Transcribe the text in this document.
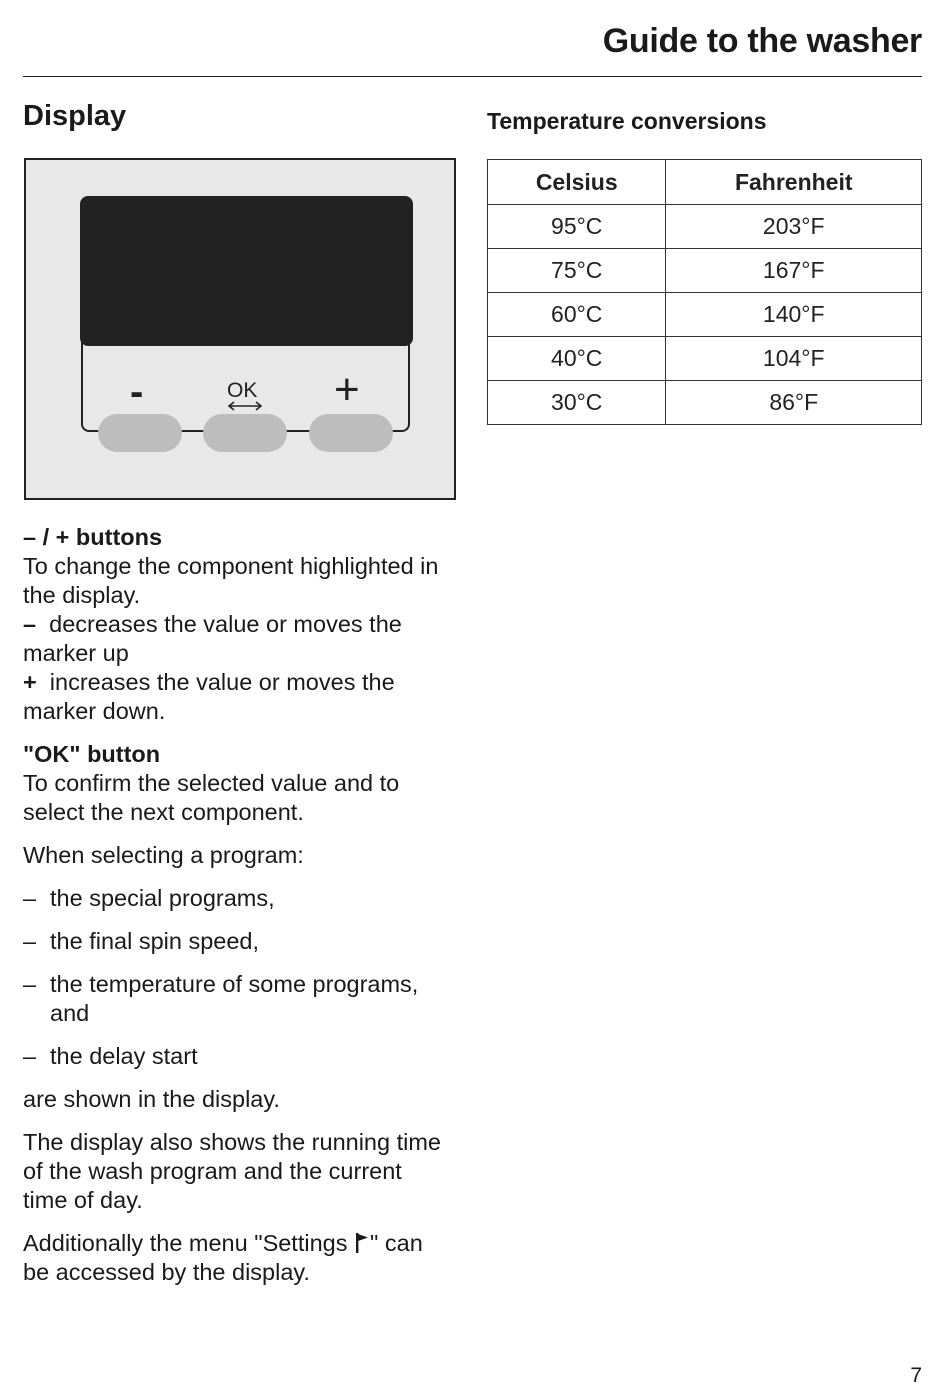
Guide to the washer
Display
-	OK +
Temperature conversions
Celsius	Fahrenheit
95°C	203°F
75°C	167°F
60°C	140°F
40°C	104°F
30°C	86°F

– / + buttons
To change the component highlighted in the display.
– decreases the value or moves the marker up
+ increases the value or moves the marker down.

"OK" button
To confirm the selected value and to select the next component.

When selecting a program:

– the special programs,
– the final spin speed,
– the temperature of some programs, and
– the delay start

are shown in the display.

The display also shows the running time of the wash program and the current time of day.

Additionally the menu "Settings " can be accessed by the display.

7
